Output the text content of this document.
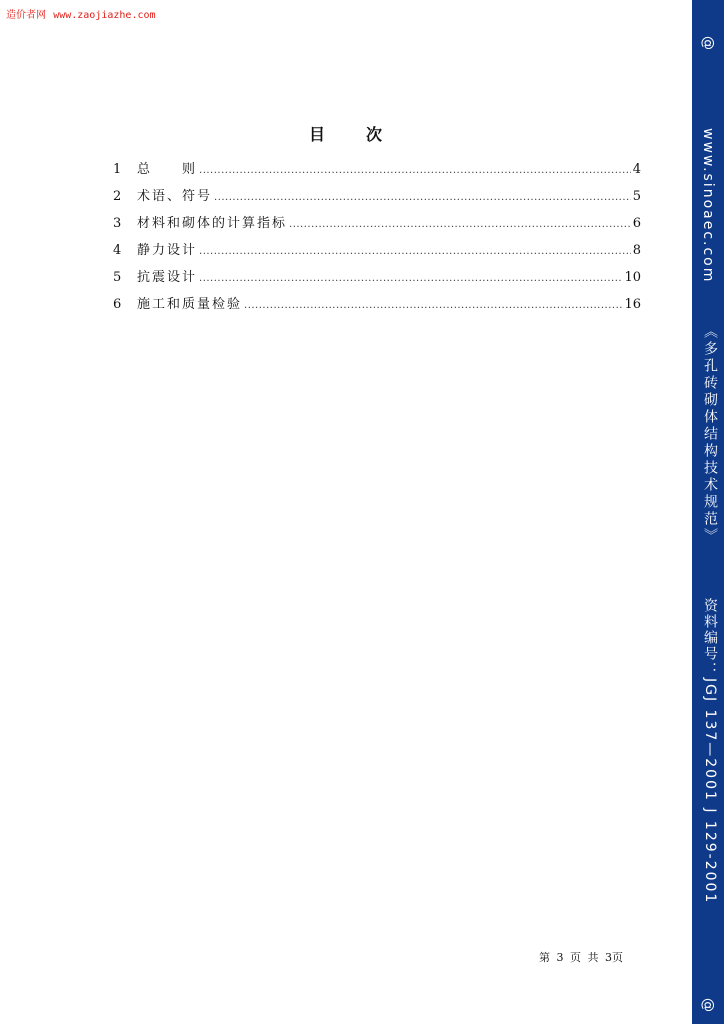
造价者网 www.zaojiazhe.com
目	次
1	总　　则 .....	4
2	术语、符号 .....	5
3	材料和砌体的计算指标 .....	6
4	静力设计 .....	8
5	抗震设计 .....	10
6	施工和质量检验 .....	16
第 3 页 共 3页
@
www.sinoaec.com
《多孔砖砌体结构技术规范》
资料编号：JGJ 137—2001 J 129-2001
@
